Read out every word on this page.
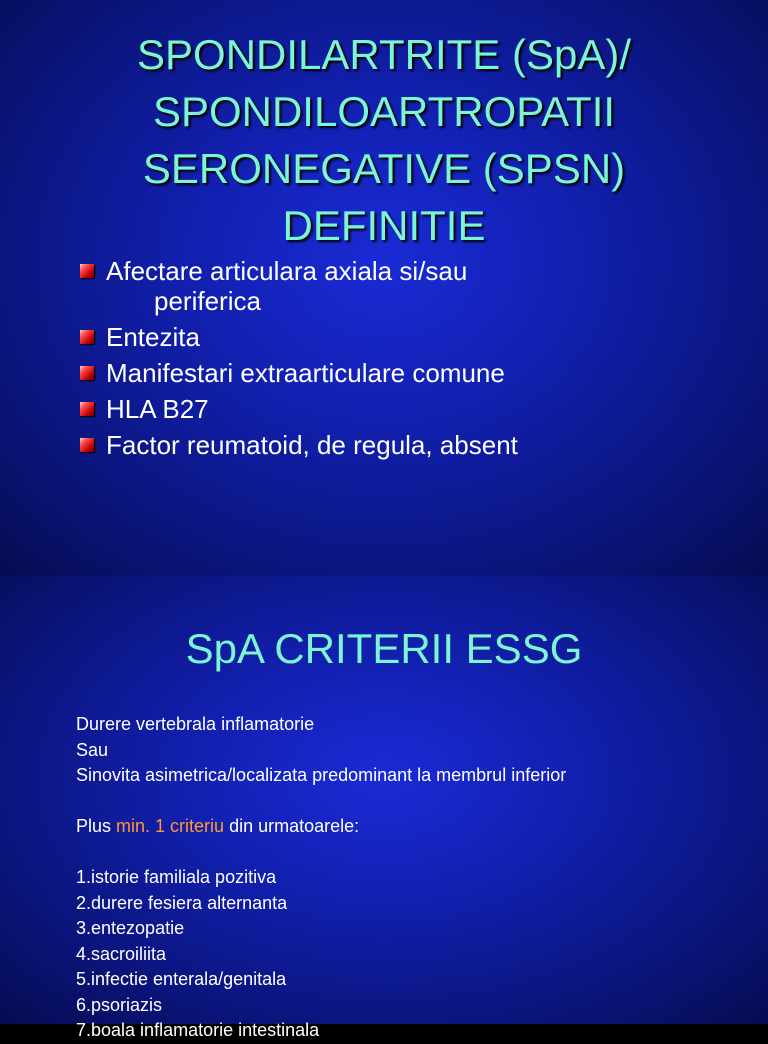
SPONDILARTRITE (SpA)/
SPONDILOARTROPATII
SERONEGATIVE (SPSN)
DEFINITIE
Afectare articulara axiala si/sau
periferica
Entezita
Manifestari extraarticulare comune
HLA B27
Factor reumatoid, de regula, absent
SpA CRITERII ESSG
Durere vertebrala inflamatorie
Sau
Sinovita asimetrica/localizata predominant la membrul inferior
Plus min. 1 criteriu din urmatoarele:
1.istorie familiala pozitiva
2.durere fesiera alternanta
3.entezopatie
4.sacroiliita
5.infectie enterala/genitala
6.psoriazis
7.boala inflamatorie intestinala
